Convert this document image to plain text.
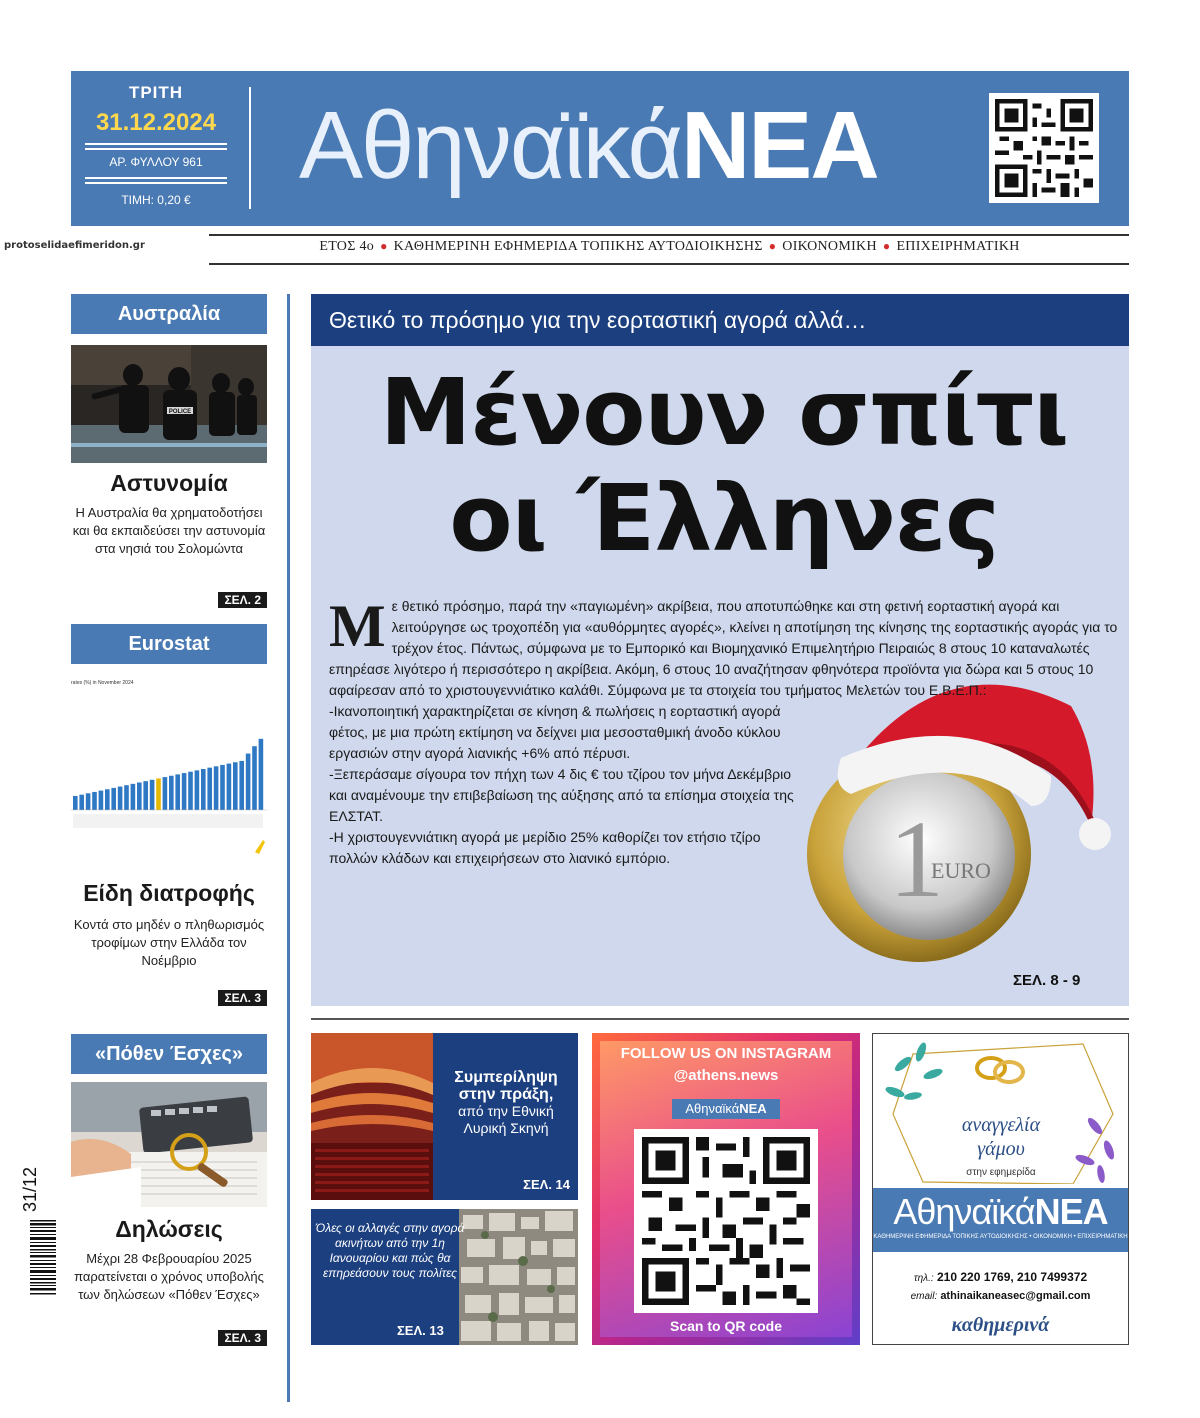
ΤΡΙΤΗ
31.12.2024
ΑΡ. ΦΥΛΛΟΥ 961
ΤΙΜΗ: 0,20 €
ΑθηναϊκάΝΕΑ
protoselidaefimeridon.gr	ΕΤΟΣ 4ο ● ΚΑΘΗΜΕΡΙΝΗ ΕΦΗΜΕΡΙΔΑ ΤΟΠΙΚΗΣ ΑΥΤΟΔΙΟΙΚΗΣΗΣ ● ΟΙΚΟΝΟΜΙΚΗ ● ΕΠΙΧΕΙΡΗΜΑΤΙΚΗ
Αυστραλία
POLICE
Αστυνομία
Η Αυστραλία θα χρηματοδοτήσει και θα εκπαιδεύσει την αστυνομία στα νησιά του Σολομώντα
ΣΕΛ. 2
Eurostat
rates (%) in November 2024
Είδη διατροφής
Κοντά στο μηδέν ο πληθωρισμός τροφίμων στην Ελλάδα τον Νοέμβριο
ΣΕΛ. 3
«Πόθεν Έσχες»
Δηλώσεις
Μέχρι 28 Φεβρουαρίου 2025 παρατείνεται ο χρόνος υποβολής των δηλώσεων «Πόθεν Έσχες»
ΣΕΛ. 3
31/12
Θετικό το πρόσημο για την εορταστική αγορά αλλά…
Μένουν σπίτι
οι Έλληνες
1
EURO

Με θετικό πρόσημο, παρά την «παγιωμένη» ακρίβεια, που αποτυπώθηκε και στη φετινή εορταστική αγορά και λειτούργησε ως τροχοπέδη για «αυθόρμητες αγορές», κλείνει η αποτίμηση της κίνησης της εορταστικής αγοράς για το τρέχον έτος. Πάντως, σύμφωνα με το Εμπορικό και Βιομηχανικό Επιμελητήριο Πειραιώς 8 στους 10 καταναλωτές επηρέασε λιγότερο ή περισσότερο η ακρίβεια. Ακόμη, 6 στους 10 αναζήτησαν φθηνότερα προϊόντα για δώρα και 5 στους 10 αφαίρεσαν από το χριστουγεννιάτικο καλάθι. Σύμφωνα με τα στοιχεία του τμήματος Μελετών του Ε.Β.Ε.Π.:

-Ικανοποιητική χαρακτηρίζεται σε κίνηση & πωλήσεις η εορταστική αγορά φέτος, με μια πρώτη εκτίμηση να δείχνει μια μεσοσταθμική άνοδο κύκλου εργασιών στην αγορά λιανικής +6% από πέρυσι.

-Ξεπεράσαμε σίγουρα τον πήχη των 4 δις € του τζίρου τον μήνα Δεκέμβριο και αναμένουμε την επιβεβαίωση της αύξησης από τα επίσημα στοιχεία της ΕΛΣΤΑΤ.

-Η χριστουγεννιάτικη αγορά με μερίδιο 25% καθορίζει τον ετήσιο τζίρο πολλών κλάδων και επιχειρήσεων στο λιανικό εμπόριο.

ΣΕΛ. 8 - 9
Συμπερίληψη
στην πράξη,
από την Εθνική
Λυρική Σκηνή
ΣΕΛ. 14
Όλες οι αλλαγές στην αγορά ακινήτων από την 1η Ιανουαρίου και πώς θα επηρεάσουν τους πολίτες
ΣΕΛ. 13
FOLLOW US ON INSTAGRAM
@athens.news
ΑθηναϊκάΝΕΑ
Scan to QR code
αναγγελία
γάμου
στην εφημερίδα
ΑθηναϊκάΝΕΑ
ΚΑΘΗΜΕΡΙΝΗ ΕΦΗΜΕΡΙΔΑ ΤΟΠΙΚΗΣ ΑΥΤΟΔΙΟΙΚΗΣΗΣ • ΟΙΚΟΝΟΜΙΚΗ • ΕΠΙΧΕΙΡΗΜΑΤΙΚΗ
τηλ.: 210 220 1769, 210 7499372
email: athinaikaneasec@gmail.com
καθημερινά
